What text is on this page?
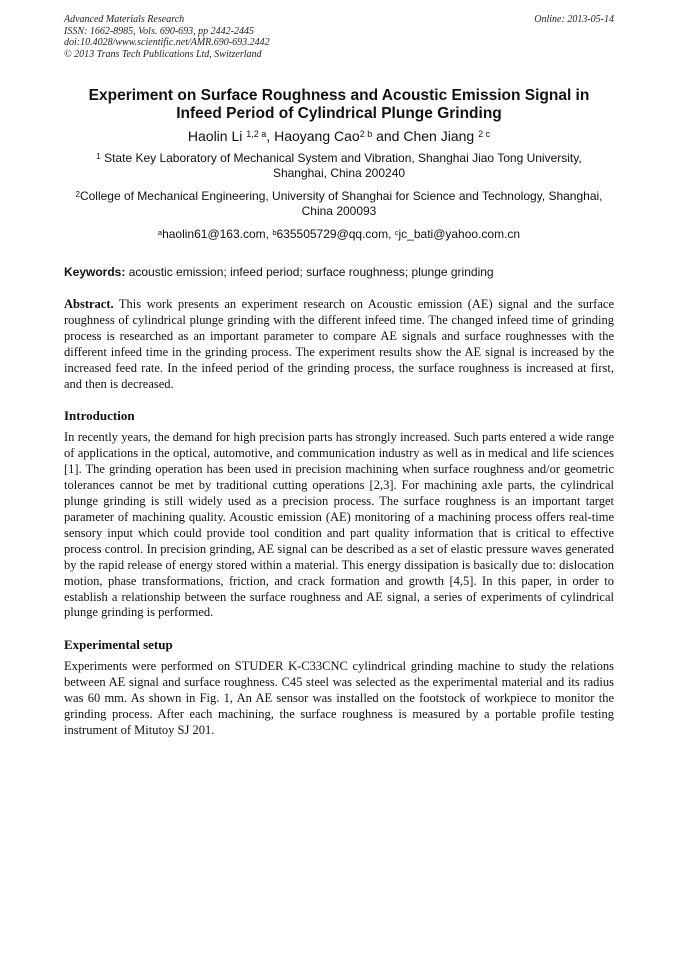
Advanced Materials Research
ISSN: 1662-8985, Vols. 690-693, pp 2442-2445
doi:10.4028/www.scientific.net/AMR.690-693.2442
© 2013 Trans Tech Publications Ltd, Switzerland
Online: 2013-05-14
Experiment on Surface Roughness and Acoustic Emission Signal in
Infeed Period of Cylindrical Plunge Grinding
Haolin Li $^{1,2 a}$, Haoyang Cao$^{2 b}$ and Chen Jiang $^{2 c}$
$^1$ State Key Laboratory of Mechanical System and Vibration, Shanghai Jiao Tong University,
Shanghai, China 200240
$^2$College of Mechanical Engineering, University of Shanghai for Science and Technology, Shanghai,
China 200093
$^a$haolin61@163.com, $^b$635505729@qq.com, $^c$jc_bati@yahoo.com.cn
Keywords: acoustic emission; infeed period; surface roughness; plunge grinding
Abstract. This work presents an experiment research on Acoustic emission (AE) signal and the surface roughness of cylindrical plunge grinding with the different infeed time. The changed infeed time of grinding process is researched as an important parameter to compare AE signals and surface roughnesses with the different infeed time in the grinding process. The experiment results show the AE signal is increased by the increased feed rate. In the infeed period of the grinding process, the surface roughness is increased at first, and then is decreased.
Introduction
In recently years, the demand for high precision parts has strongly increased. Such parts entered a wide range of applications in the optical, automotive, and communication industry as well as in medical and life sciences [1]. The grinding operation has been used in precision machining when surface roughness and/or geometric tolerances cannot be met by traditional cutting operations [2,3]. For machining axle parts, the cylindrical plunge grinding is still widely used as a precision process. The surface roughness is an important target parameter of machining quality. Acoustic emission (AE) monitoring of a machining process offers real-time sensory input which could provide tool condition and part quality information that is critical to effective process control. In precision grinding, AE signal can be described as a set of elastic pressure waves generated by the rapid release of energy stored within a material. This energy dissipation is basically due to: dislocation motion, phase transformations, friction, and crack formation and growth [4,5]. In this paper, in order to establish a relationship between the surface roughness and AE signal, a series of experiments of cylindrical plunge grinding is performed.
Experimental setup
Experiments were performed on STUDER K-C33CNC cylindrical grinding machine to study the relations between AE signal and surface roughness. C45 steel was selected as the experimental material and its radius was 60 mm. As shown in Fig. 1, An AE sensor was installed on the footstock of workpiece to monitor the grinding process. After each machining, the surface roughness is measured by a portable profile testing instrument of Mitutoy SJ 201.
